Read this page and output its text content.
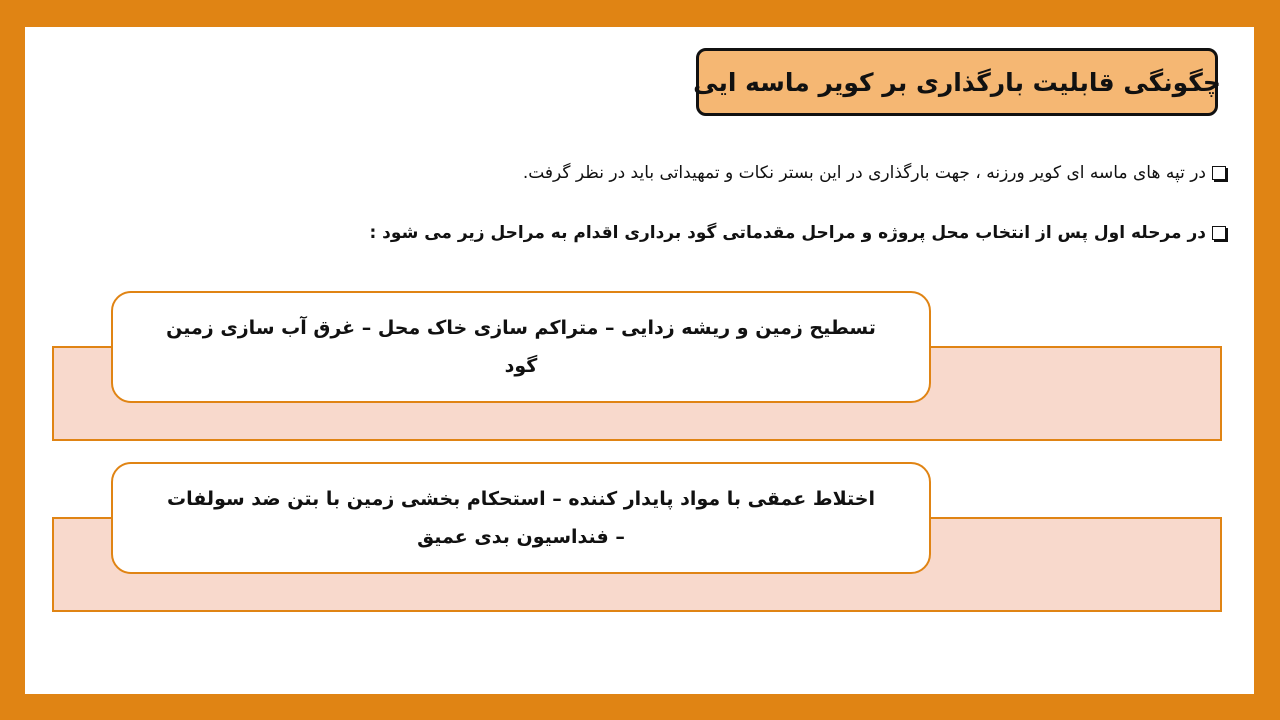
چگونگی قابلیت بارگذاری بر کویر ماسه ایی
در تپه های ماسه ای کویر ورزنه ، جهت بارگذاری در این بستر نکات و تمهیداتی باید در نظر گرفت.
در مرحله اول پس از انتخاب محل پروژه و مراحل مقدماتی گود برداری اقدام به مراحل زیر می شود :
تسطیح زمین و ریشه زدایی – متراکم سازی خاک محل – غرق آب سازی زمین گود
اختلاط عمقی با مواد پایدار کننده – استحکام بخشی زمین با بتن ضد سولفات – فنداسیون بدی عمیق
